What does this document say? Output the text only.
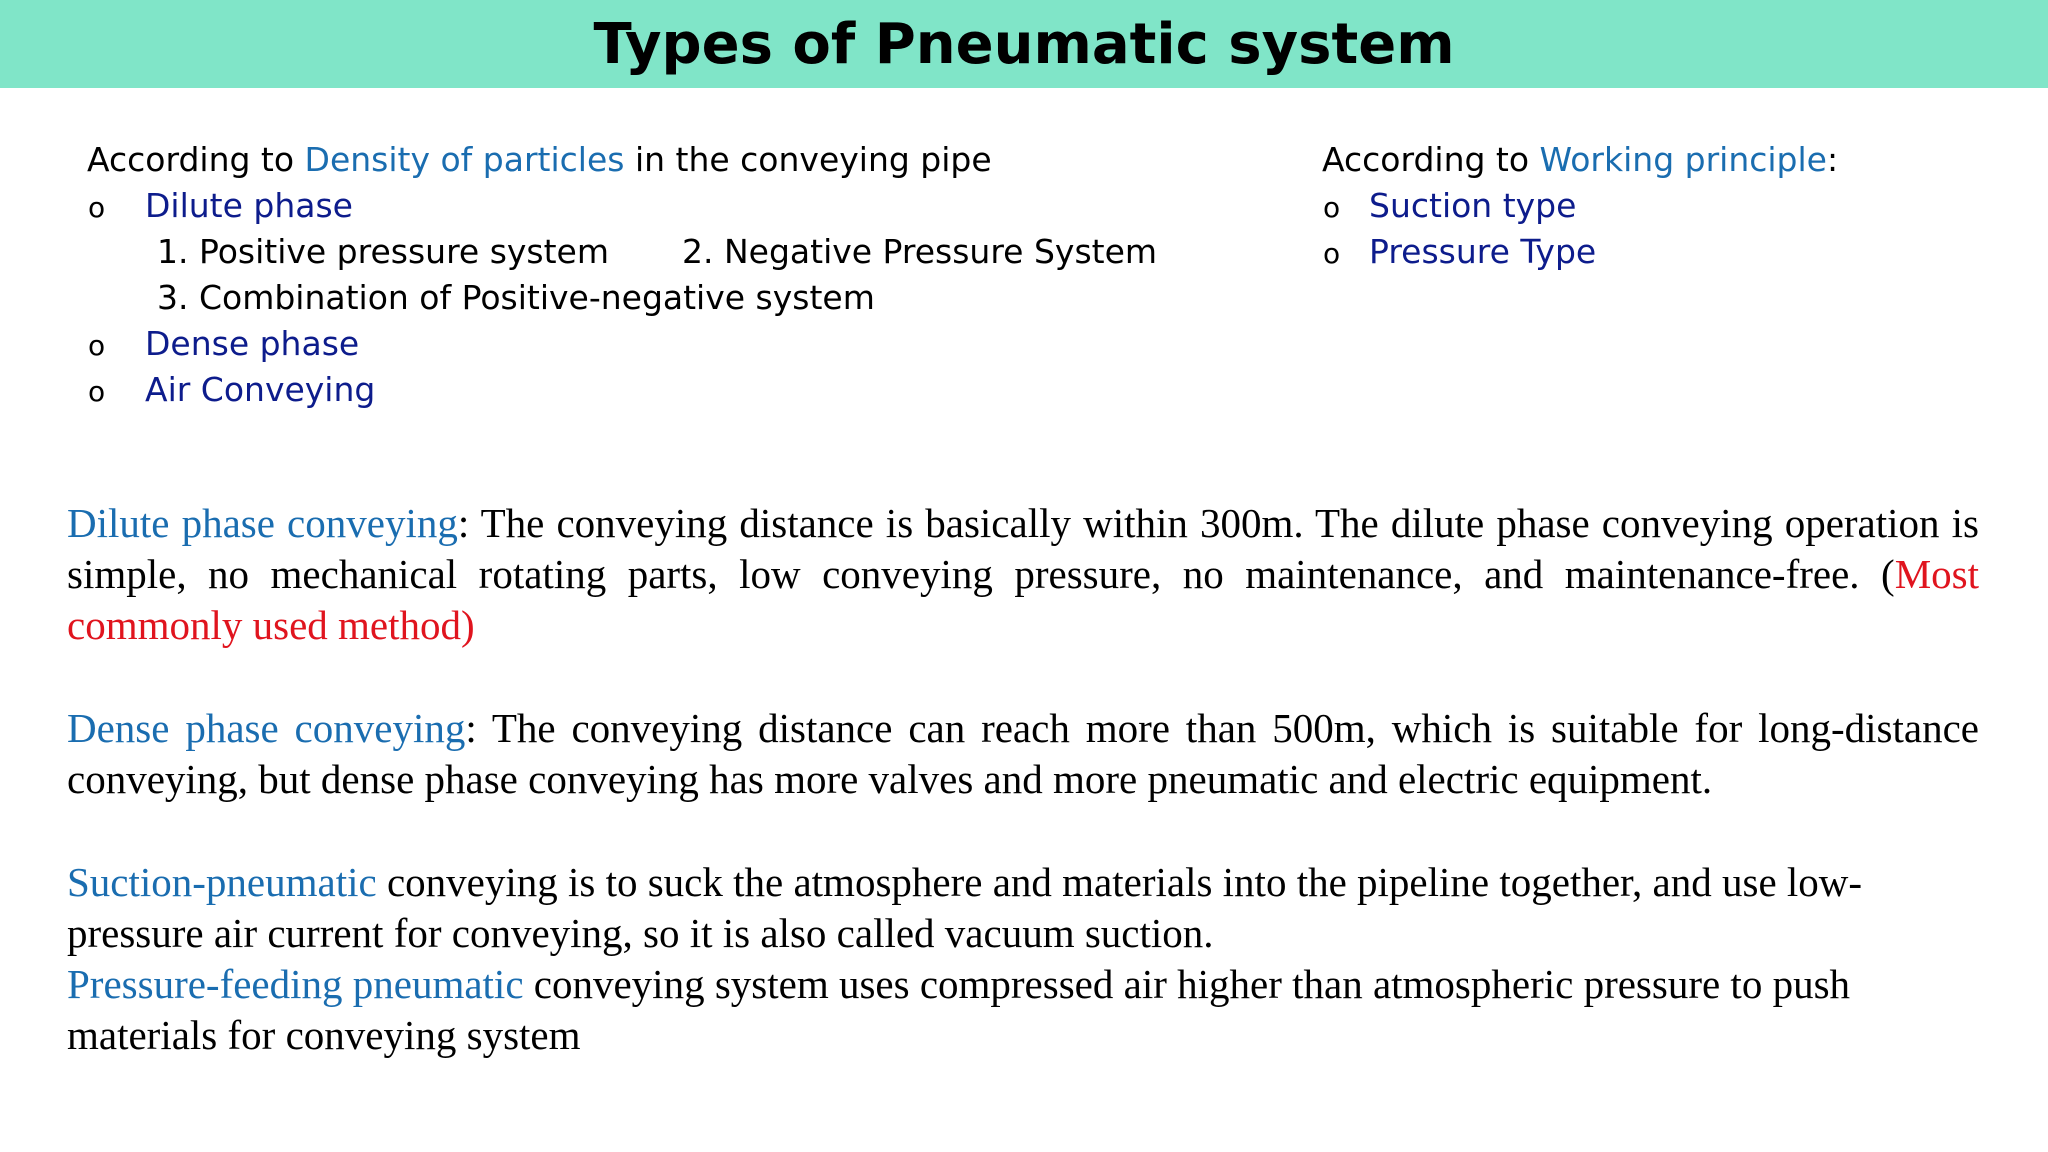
Types of Pneumatic system
According to Density of particles in the conveying pipe
o Dilute phase
1. Positive pressure system 2. Negative Pressure System
3. Combination of Positive-negative system
o Dense phase
o Air Conveying
According to Working principle:
o Suction type
o Pressure Type
Dilute phase conveying: The conveying distance is basically within 300m. The dilute phase conveying operation is simple, no mechanical rotating parts, low conveying pressure, no maintenance, and maintenance-free. (Most commonly used method)
Dense phase conveying: The conveying distance can reach more than 500m, which is suitable for long-distance conveying, but dense phase conveying has more valves and more pneumatic and electric equipment.
Suction-pneumatic conveying is to suck the atmosphere and materials into the pipeline together, and use low-pressure air current for conveying, so it is also called vacuum suction.
Pressure-feeding pneumatic conveying system uses compressed air higher than atmospheric pressure to push materials for conveying system
